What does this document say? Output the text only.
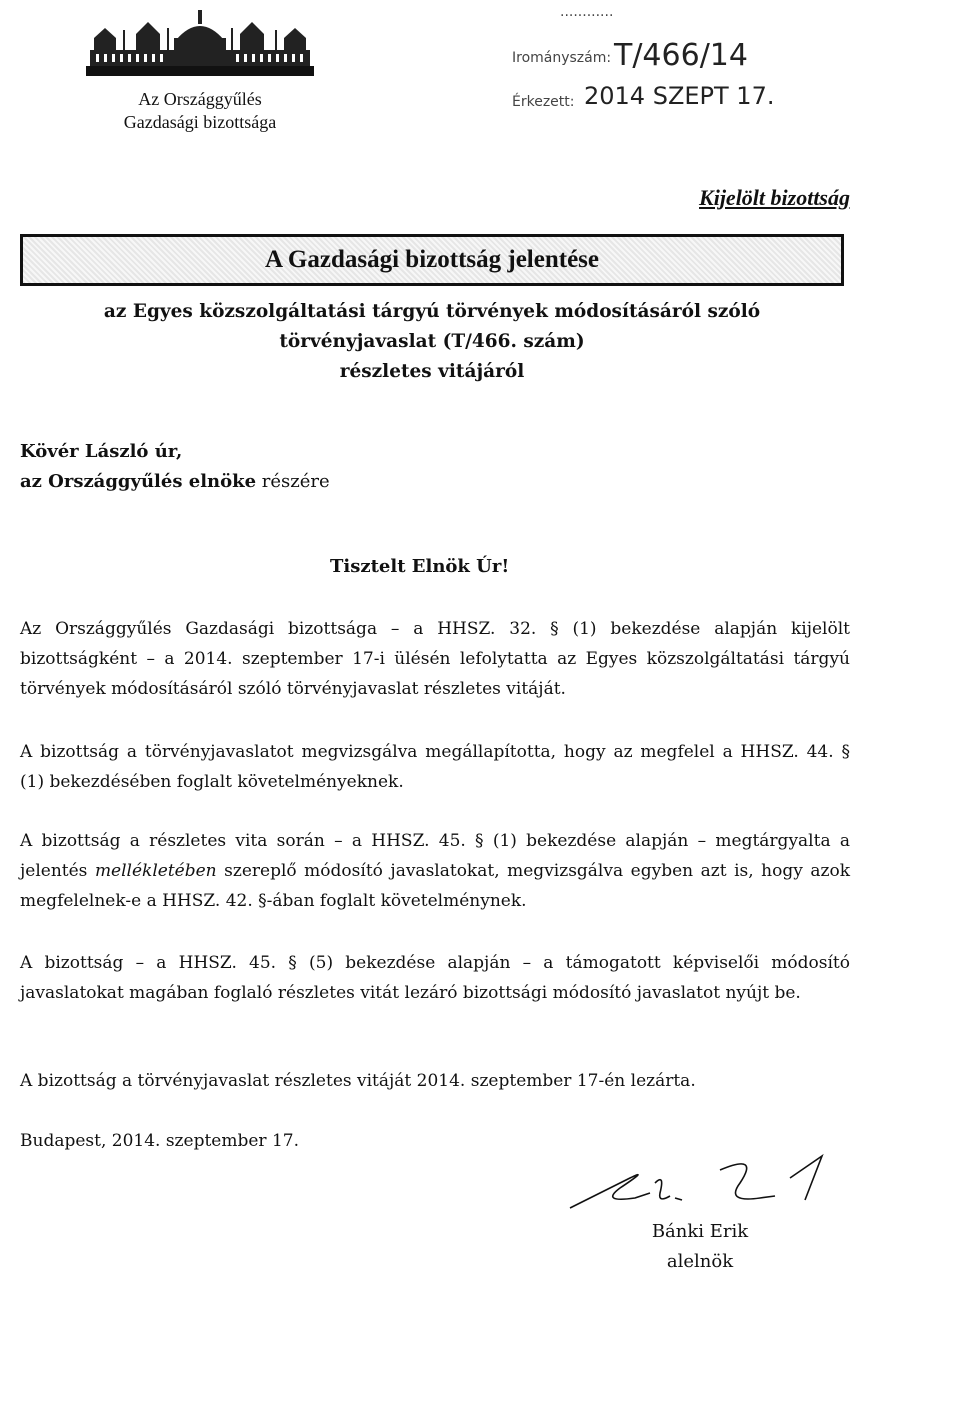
Az Országgyűlés
Gazdasági bizottsága
............
Irományszám: T/466/14
Érkezett: 2014 SZEPT 17.
Kijelölt bizottság
A Gazdasági bizottság jelentése
az Egyes közszolgáltatási tárgyú törvények módosításáról szóló
törvényjavaslat (T/466. szám)
részletes vitájáról
Kövér László úr,
az Országgyűlés elnöke részére
Tisztelt Elnök Úr!
Az Országgyűlés Gazdasági bizottsága – a HHSZ. 32. § (1) bekezdése alapján kijelölt bizottságként – a 2014. szeptember 17-i ülésén lefolytatta az Egyes közszolgáltatási tárgyú törvények módosításáról szóló törvényjavaslat részletes vitáját.
A bizottság a törvényjavaslatot megvizsgálva megállapította, hogy az megfelel a HHSZ. 44. § (1) bekezdésében foglalt követelményeknek.
A bizottság a részletes vita során – a HHSZ. 45. § (1) bekezdése alapján – megtárgyalta a jelentés mellékletében szereplő módosító javaslatokat, megvizsgálva egyben azt is, hogy azok megfelelnek-e a HHSZ. 42. §-ában foglalt követelménynek.
A bizottság – a HHSZ. 45. § (5) bekezdése alapján – a támogatott képviselői módosító javaslatokat magában foglaló részletes vitát lezáró bizottsági módosító javaslatot nyújt be.
A bizottság a törvényjavaslat részletes vitáját 2014. szeptember 17-én lezárta.
Budapest, 2014. szeptember 17.
Bánki Erik
alelnök
